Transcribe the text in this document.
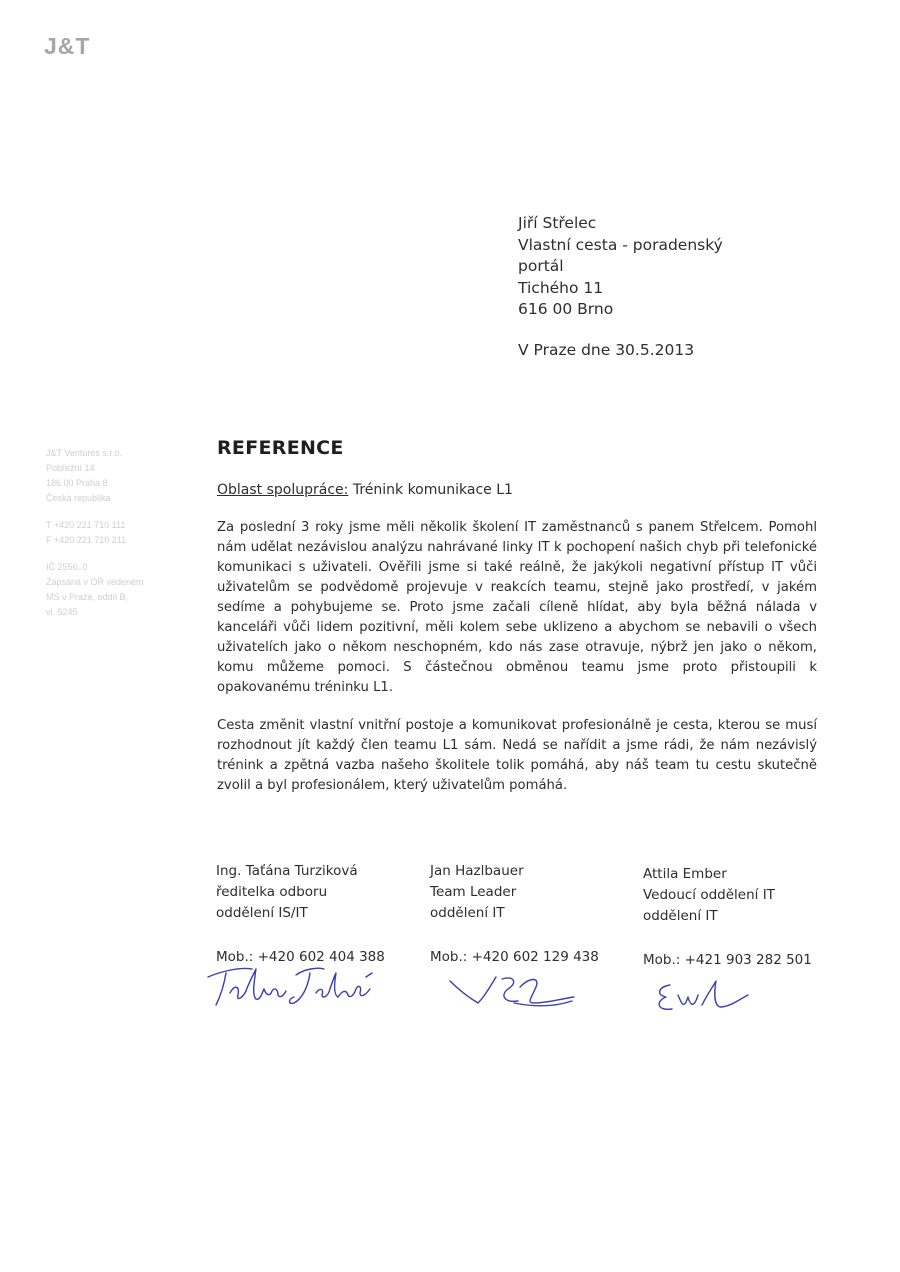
J&T
Jiří Střelec
Vlastní cesta - poradenský
portál
Tichého 11
616 00 Brno
V Praze dne 30.5.2013
J&T Ventures s.r.o.
Pobřežní 14
186 00 Praha 8
Česká republika
T +420 221 710 111
F +420 221 710 211
IČ 2556..0
Zapsaná v OR vedeném
MS v Praze, oddíl B,
vl. 5245
REFERENCE
Oblast spolupráce: Trénink komunikace L1

Za poslední 3 roky jsme měli několik školení IT zaměstnanců s panem Střelcem. Pomohl nám udělat nezávislou analýzu nahrávané linky IT k pochopení našich chyb při telefonické komunikaci s uživateli. Ověřili jsme si také reálně, že jakýkoli negativní přístup IT vůči uživatelům se podvědomě projevuje v reakcích teamu, stejně jako prostředí, v jakém sedíme a pohybujeme se. Proto jsme začali cíleně hlídat, aby byla běžná nálada v kanceláři vůči lidem pozitivní, měli kolem sebe uklizeno a abychom se nebavili o všech uživatelích jako o někom neschopném, kdo nás zase otravuje, nýbrž jen jako o někom, komu můžeme pomoci. S částečnou obměnou teamu jsme proto přistoupili k opakovanému tréninku L1.

Cesta změnit vlastní vnitřní postoje a komunikovat profesionálně je cesta, kterou se musí rozhodnout jít každý člen teamu L1 sám. Nedá se nařídit a jsme rádi, že nám nezávislý trénink a zpětná vazba našeho školitele tolik pomáhá, aby náš team tu cestu skutečně zvolil a byl profesionálem, který uživatelům pomáhá.

Ing. Taťána Turziková
ředitelka odboru
oddělení IS/IT
Mob.: +420 602 404 388
Jan Hazlbauer
Team Leader
oddělení IT
Mob.: +420 602 129 438
Attila Ember
Vedoucí oddělení IT
oddělení IT
Mob.: +421 903 282 501
